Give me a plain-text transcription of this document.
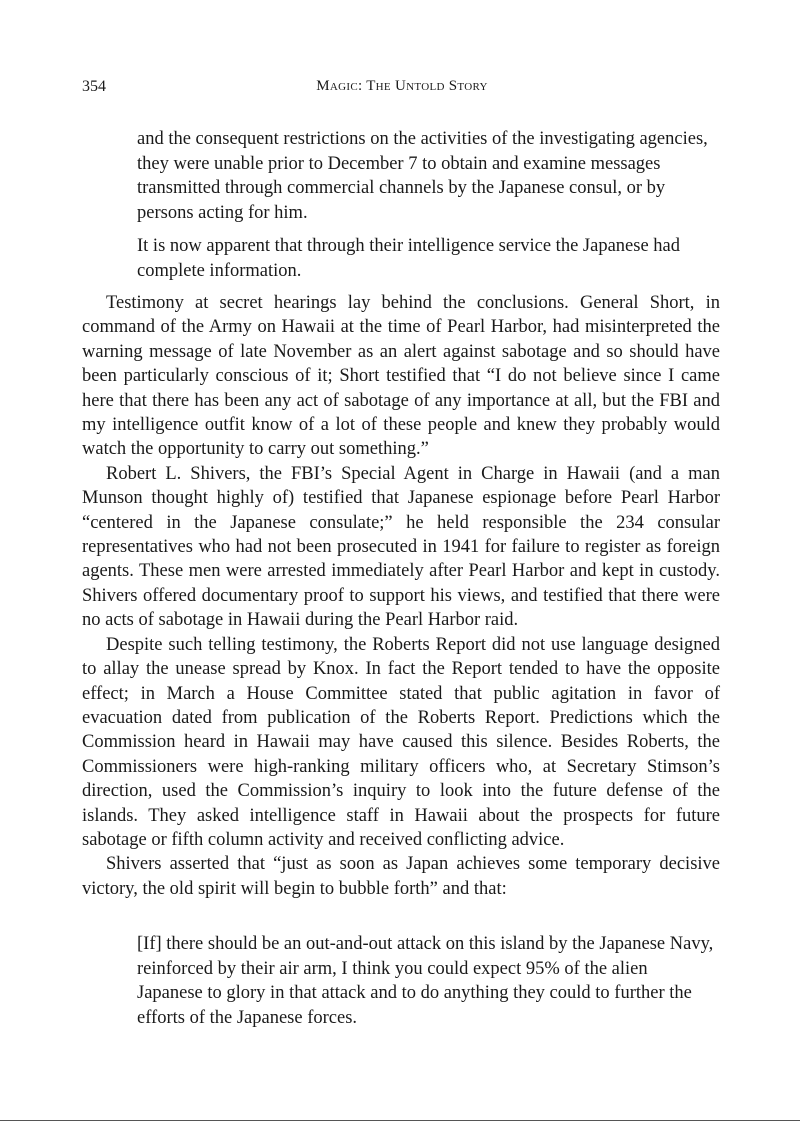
354	Magic: The Untold Story

and the consequent restrictions on the activities of the investigating agencies, they were unable prior to December 7 to obtain and examine messages transmitted through commercial channels by the Japanese consul, or by persons acting for him.

It is now apparent that through their intelligence service the Japanese had complete information.

Testimony at secret hearings lay behind the conclusions. General Short, in command of the Army on Hawaii at the time of Pearl Harbor, had misinterpreted the warning message of late November as an alert against sabotage and so should have been particularly conscious of it; Short testified that “I do not believe since I came here that there has been any act of sabotage of any importance at all, but the FBI and my intelligence outfit know of a lot of these people and knew they probably would watch the opportunity to carry out something.”

Robert L. Shivers, the FBI’s Special Agent in Charge in Hawaii (and a man Munson thought highly of) testified that Japanese espionage before Pearl Harbor “centered in the Japanese consulate;” he held responsible the 234 consular representatives who had not been prosecuted in 1941 for failure to register as foreign agents. These men were arrested immediately after Pearl Harbor and kept in custody. Shivers offered documentary proof to support his views, and testified that there were no acts of sabotage in Hawaii during the Pearl Harbor raid.

Despite such telling testimony, the Roberts Report did not use language designed to allay the unease spread by Knox. In fact the Report tended to have the opposite effect; in March a House Committee stated that public agitation in favor of evacuation dated from publication of the Roberts Report. Predictions which the Commission heard in Hawaii may have caused this silence. Besides Roberts, the Commissioners were high-ranking military officers who, at Secretary Stimson’s direction, used the Commission’s inquiry to look into the future defense of the islands. They asked intelligence staff in Hawaii about the prospects for future sabotage or fifth column activity and received conflicting advice.

Shivers asserted that “just as soon as Japan achieves some temporary decisive victory, the old spirit will begin to bubble forth” and that:

[If] there should be an out-and-out attack on this island by the Japanese Navy, reinforced by their air arm, I think you could expect 95% of the alien Japanese to glory in that attack and to do anything they could to further the efforts of the Japanese forces.
